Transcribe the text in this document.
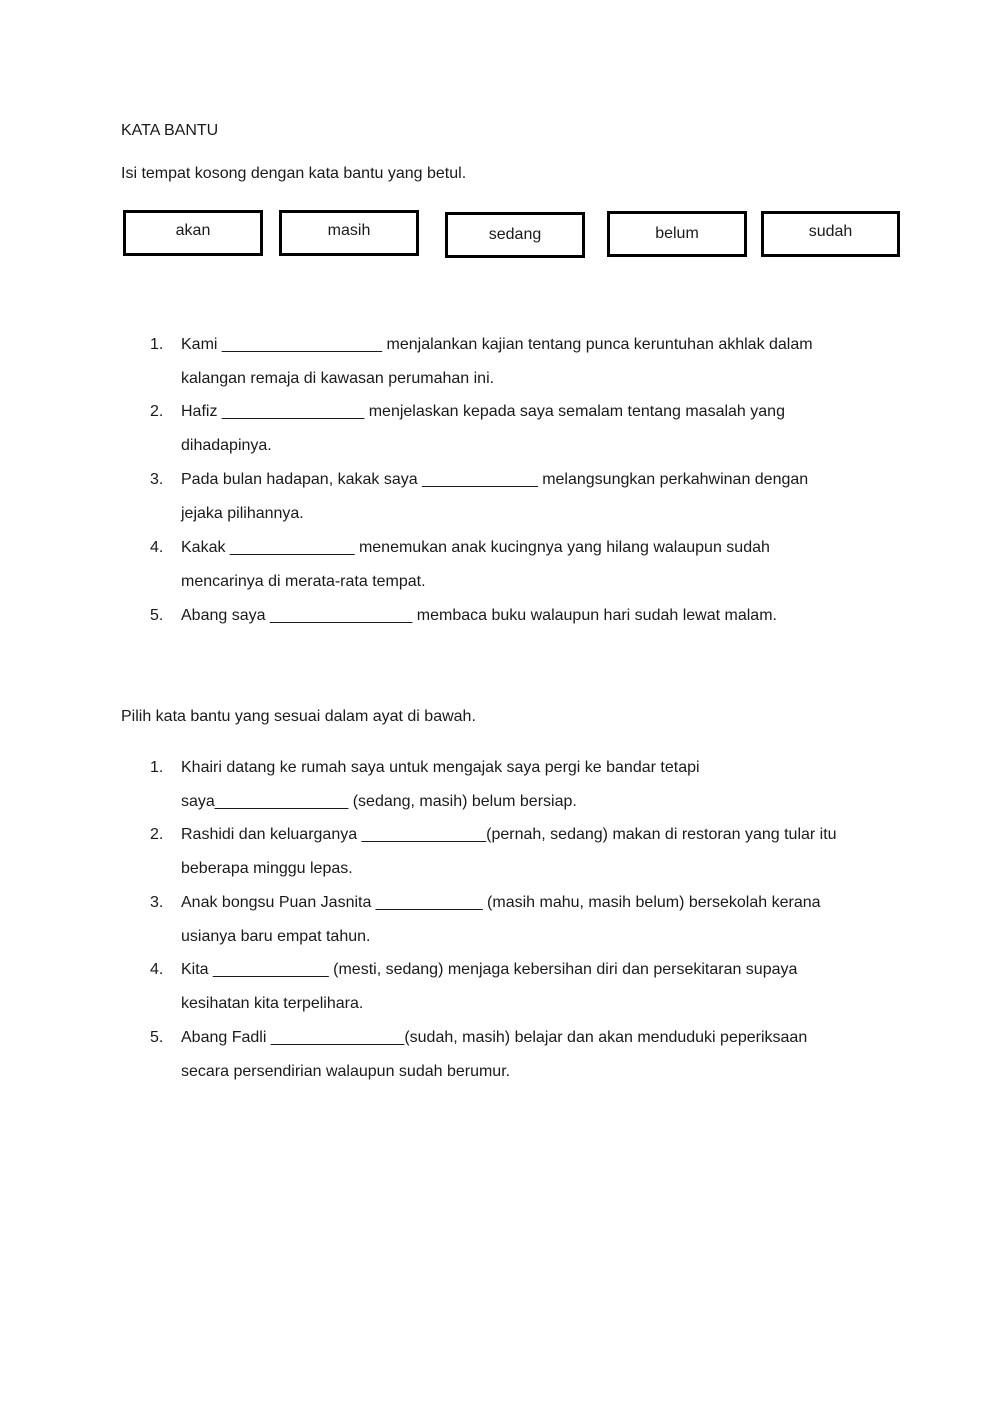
KATA BANTU
Isi tempat kosong dengan kata bantu yang betul.
akan	masih	sedang	belum	sudah
1. Kami __________________ menjalankan kajian tentang punca keruntuhan akhlak dalam
kalangan remaja di kawasan perumahan ini.
2. Hafiz ________________ menjelaskan kepada saya semalam tentang masalah yang
dihadapinya.
3. Pada bulan hadapan, kakak saya _____________ melangsungkan perkahwinan dengan
jejaka pilihannya.
4. Kakak ______________ menemukan anak kucingnya yang hilang walaupun sudah
mencarinya di merata-rata tempat.
5. Abang saya ________________ membaca buku walaupun hari sudah lewat malam.
Pilih kata bantu yang sesuai dalam ayat di bawah.
1. Khairi datang ke rumah saya untuk mengajak saya pergi ke bandar tetapi
saya_______________ (sedang, masih) belum bersiap.
2. Rashidi dan keluarganya ______________(pernah, sedang) makan di restoran yang tular itu
beberapa minggu lepas.
3. Anak bongsu Puan Jasnita ____________ (masih mahu, masih belum) bersekolah kerana
usianya baru empat tahun.
4. Kita _____________ (mesti, sedang) menjaga kebersihan diri dan persekitaran supaya
kesihatan kita terpelihara.
5. Abang Fadli _______________(sudah, masih) belajar dan akan menduduki peperiksaan
secara persendirian walaupun sudah berumur.
